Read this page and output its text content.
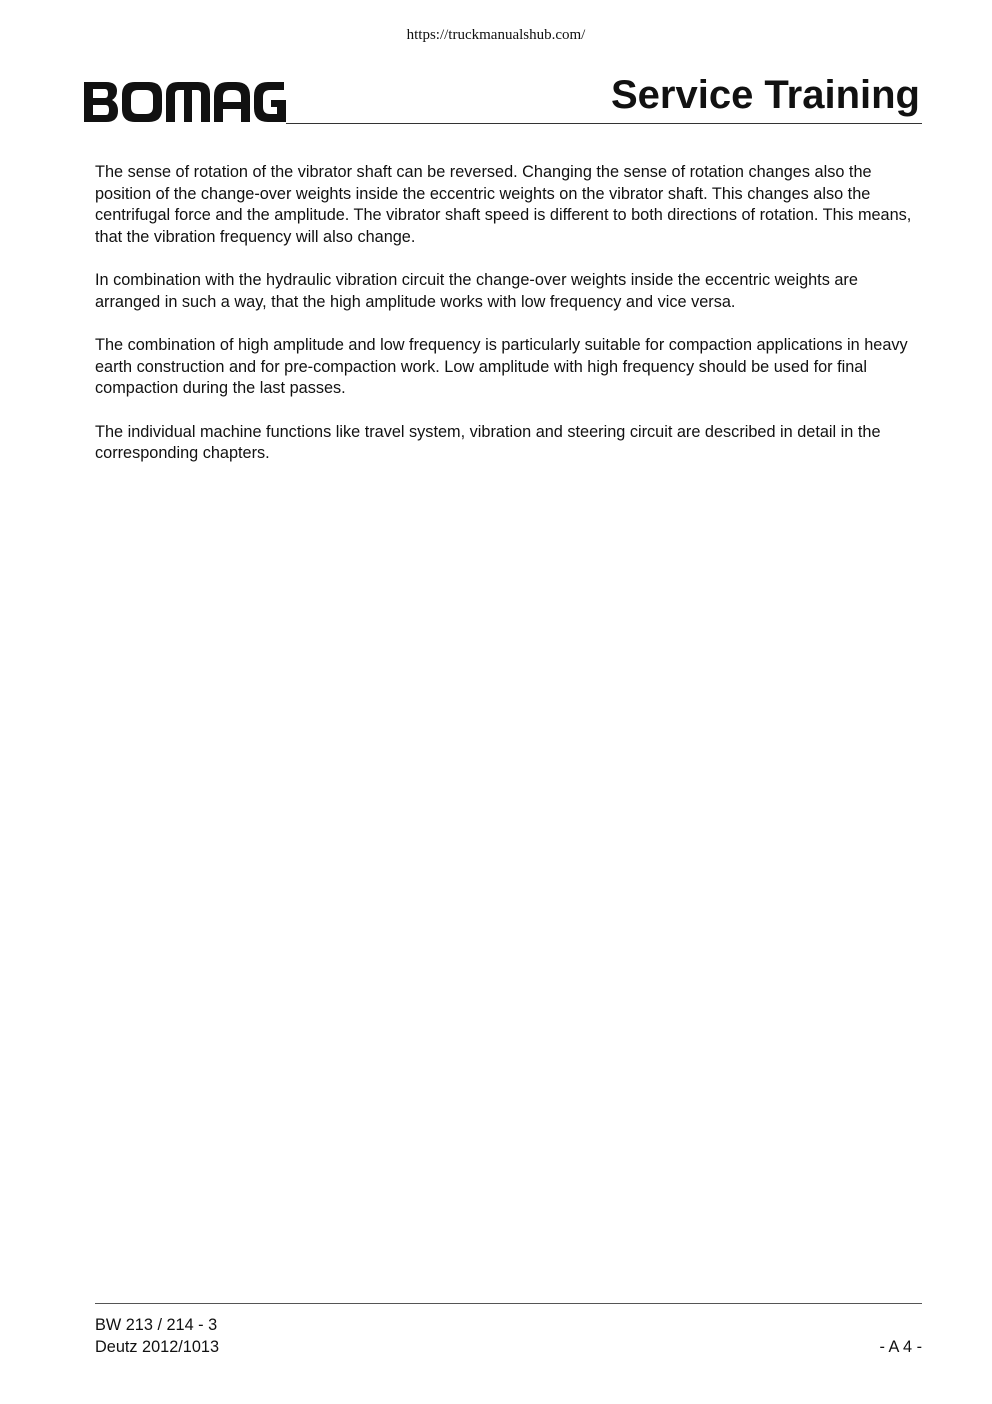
https://truckmanualshub.com/
Service Training

The sense of rotation of the vibrator shaft can be reversed. Changing the sense of rotation changes also the position of the change-over weights inside the eccentric weights on the vibrator shaft. This changes also the centrifugal force and the amplitude. The vibrator shaft speed is different to both directions of rotation. This means, that the vibration frequency will also change.

In combination with the hydraulic vibration circuit the change-over weights inside the eccentric weights are arranged in such a way, that the high amplitude works with low frequency and vice versa.

The combination of high amplitude and low frequency is particularly suitable for compaction applications in heavy earth construction and for pre-compaction work. Low amplitude with high frequency should be used for final compaction during the last passes.

The individual machine functions like travel system, vibration and steering circuit are described in detail in the corresponding chapters.

BW 213 / 214 - 3
Deutz 2012/1013	- A 4 -
